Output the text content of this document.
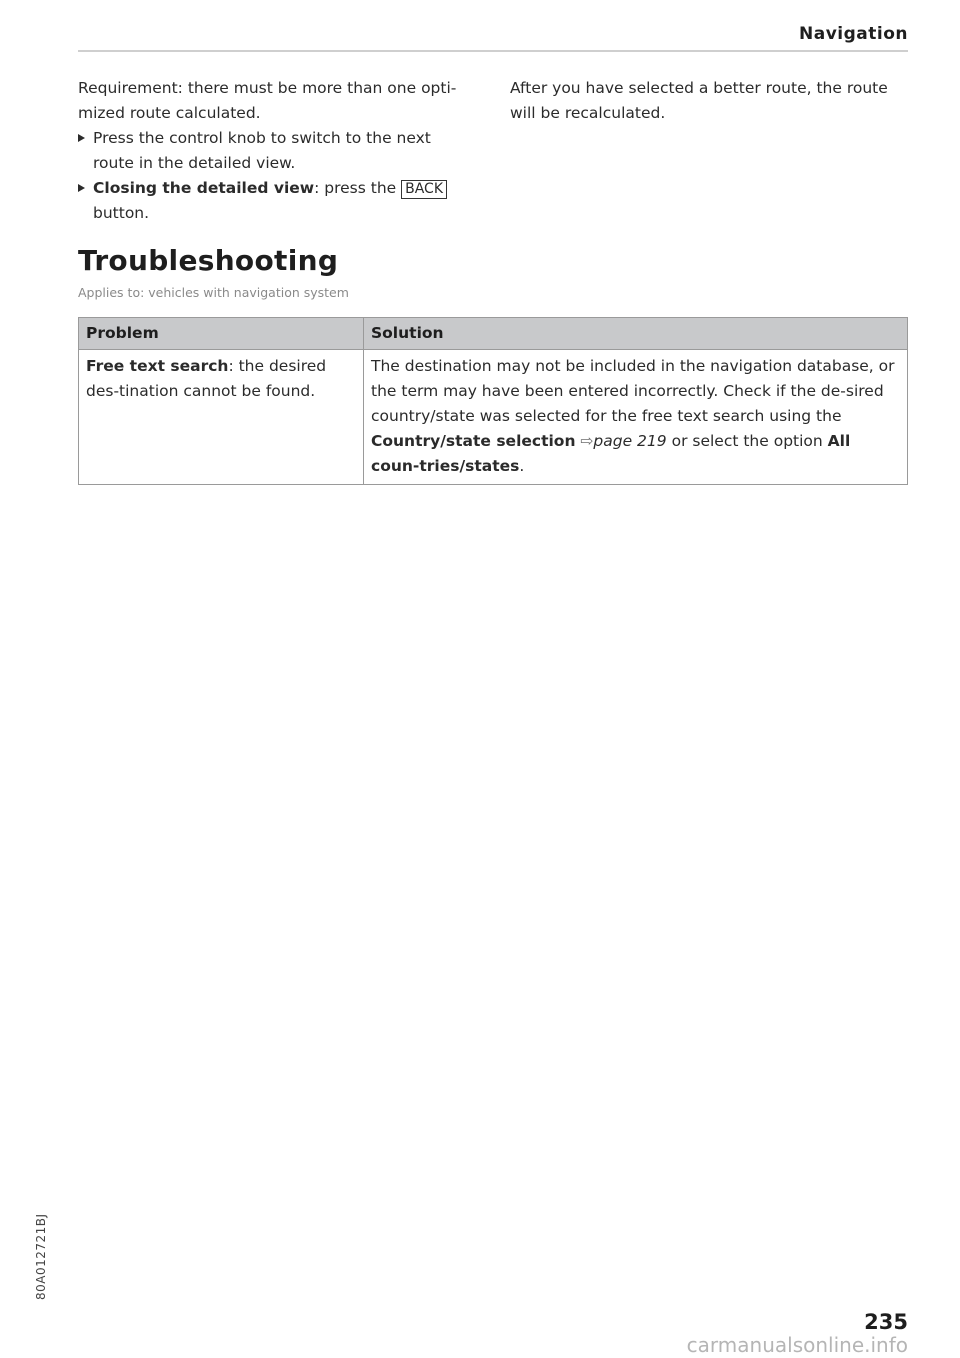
Navigation

Requirement: there must be more than one opti-mized route calculated.

Press the control knob to switch to the next route in the detailed view.

Closing the detailed view: press the BACK button.

After you have selected a better route, the route will be recalculated.

Troubleshooting
Applies to: vehicles with navigation system
Problem	Solution
Free text search: the desired des-tination cannot be found.	The destination may not be included in the navigation database, or the term may have been entered incorrectly. Check if the de-sired country/state was selected for the free text search using the Country/state selection ⇨page 219 or select the option All coun-tries/states.
80A012721BJ
235
carmanualsonline.info
